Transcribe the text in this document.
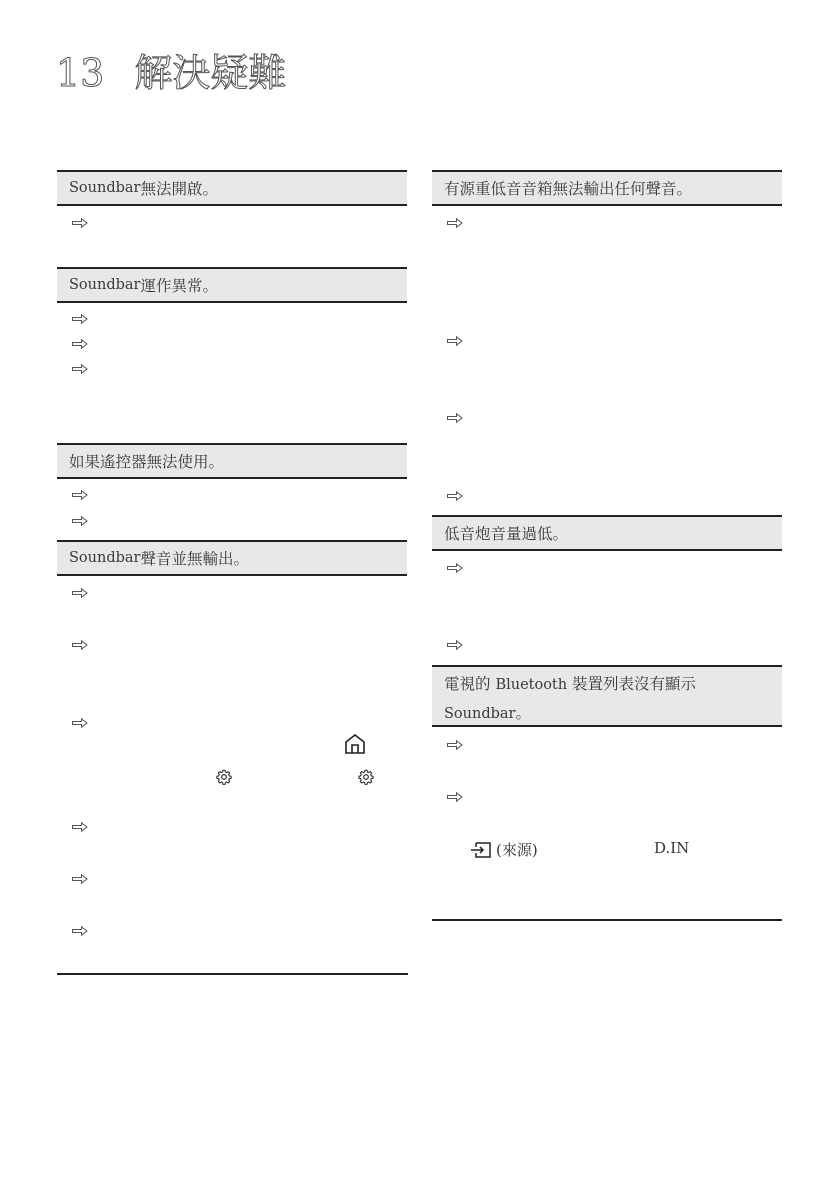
13 解決疑難
Soundbar 無法開啟。
Soundbar 運作異常。
如果遙控器無法使用。
Soundbar 聲音並無輸出。
有源重低音音箱無法輸出任何聲音。
低音炮音量過低。
電視的 Bluetooth 裝置列表沒有顯示
Soundbar。
(來源)	D.IN
